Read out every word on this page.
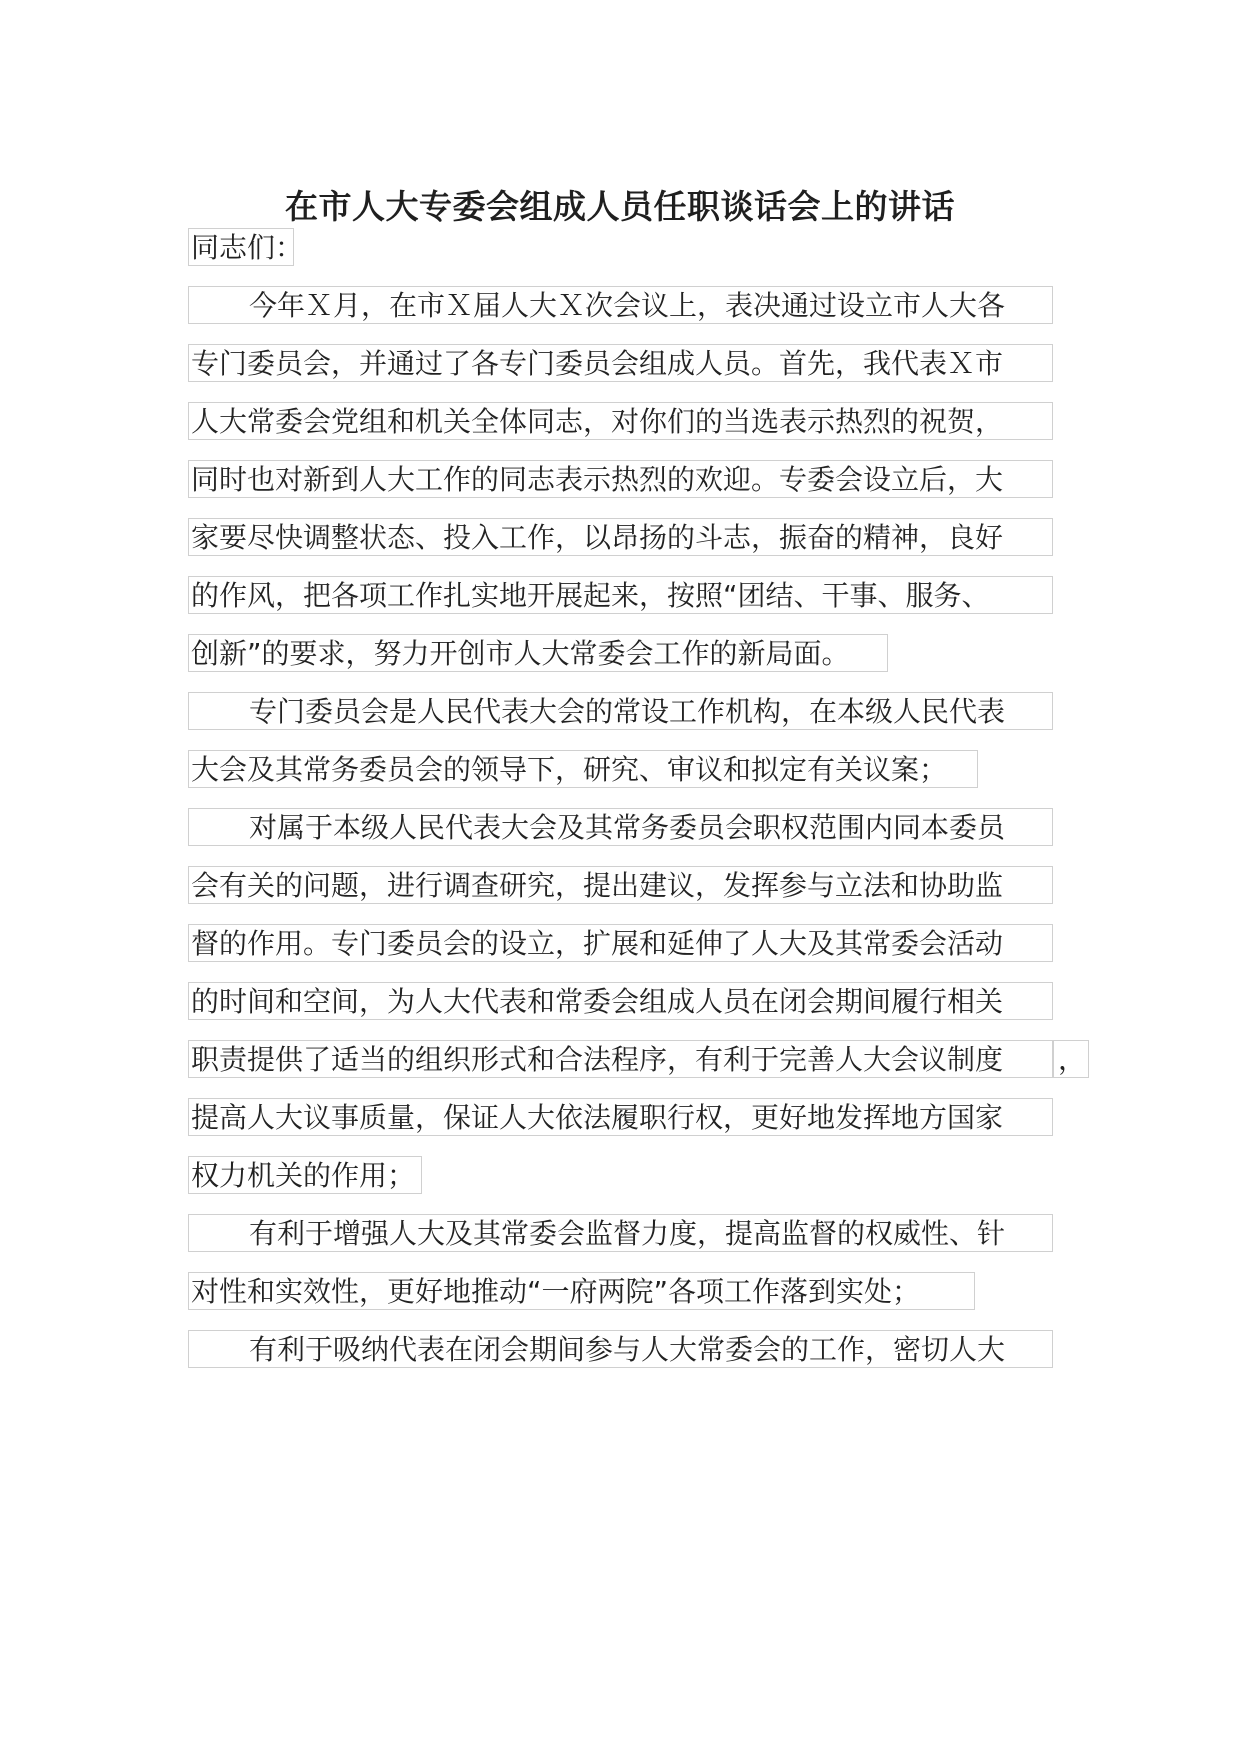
在市人大专委会组成人员任职谈话会上的讲话
同志们：
今年Ｘ月，在市Ｘ届人大Ｘ次会议上，表决通过设立市人大各
专门委员会，并通过了各专门委员会组成人员。首先，我代表Ｘ市
人大常委会党组和机关全体同志，对你们的当选表示热烈的祝贺，
同时也对新到人大工作的同志表示热烈的欢迎。专委会设立后，大
家要尽快调整状态、投入工作，以昂扬的斗志，振奋的精神，良好
的作风，把各项工作扎实地开展起来，按照“团结、干事、服务、
创新”的要求，努力开创市人大常委会工作的新局面。
专门委员会是人民代表大会的常设工作机构，在本级人民代表
大会及其常务委员会的领导下，研究、审议和拟定有关议案；
对属于本级人民代表大会及其常务委员会职权范围内同本委员
会有关的问题，进行调查研究，提出建议，发挥参与立法和协助监
督的作用。专门委员会的设立，扩展和延伸了人大及其常委会活动
的时间和空间，为人大代表和常委会组成人员在闭会期间履行相关
职责提供了适当的组织形式和合法程序，有利于完善人大会议制度	，
提高人大议事质量，保证人大依法履职行权，更好地发挥地方国家
权力机关的作用；
有利于增强人大及其常委会监督力度，提高监督的权威性、针
对性和实效性，更好地推动“一府两院”各项工作落到实处；
有利于吸纳代表在闭会期间参与人大常委会的工作，密切人大
